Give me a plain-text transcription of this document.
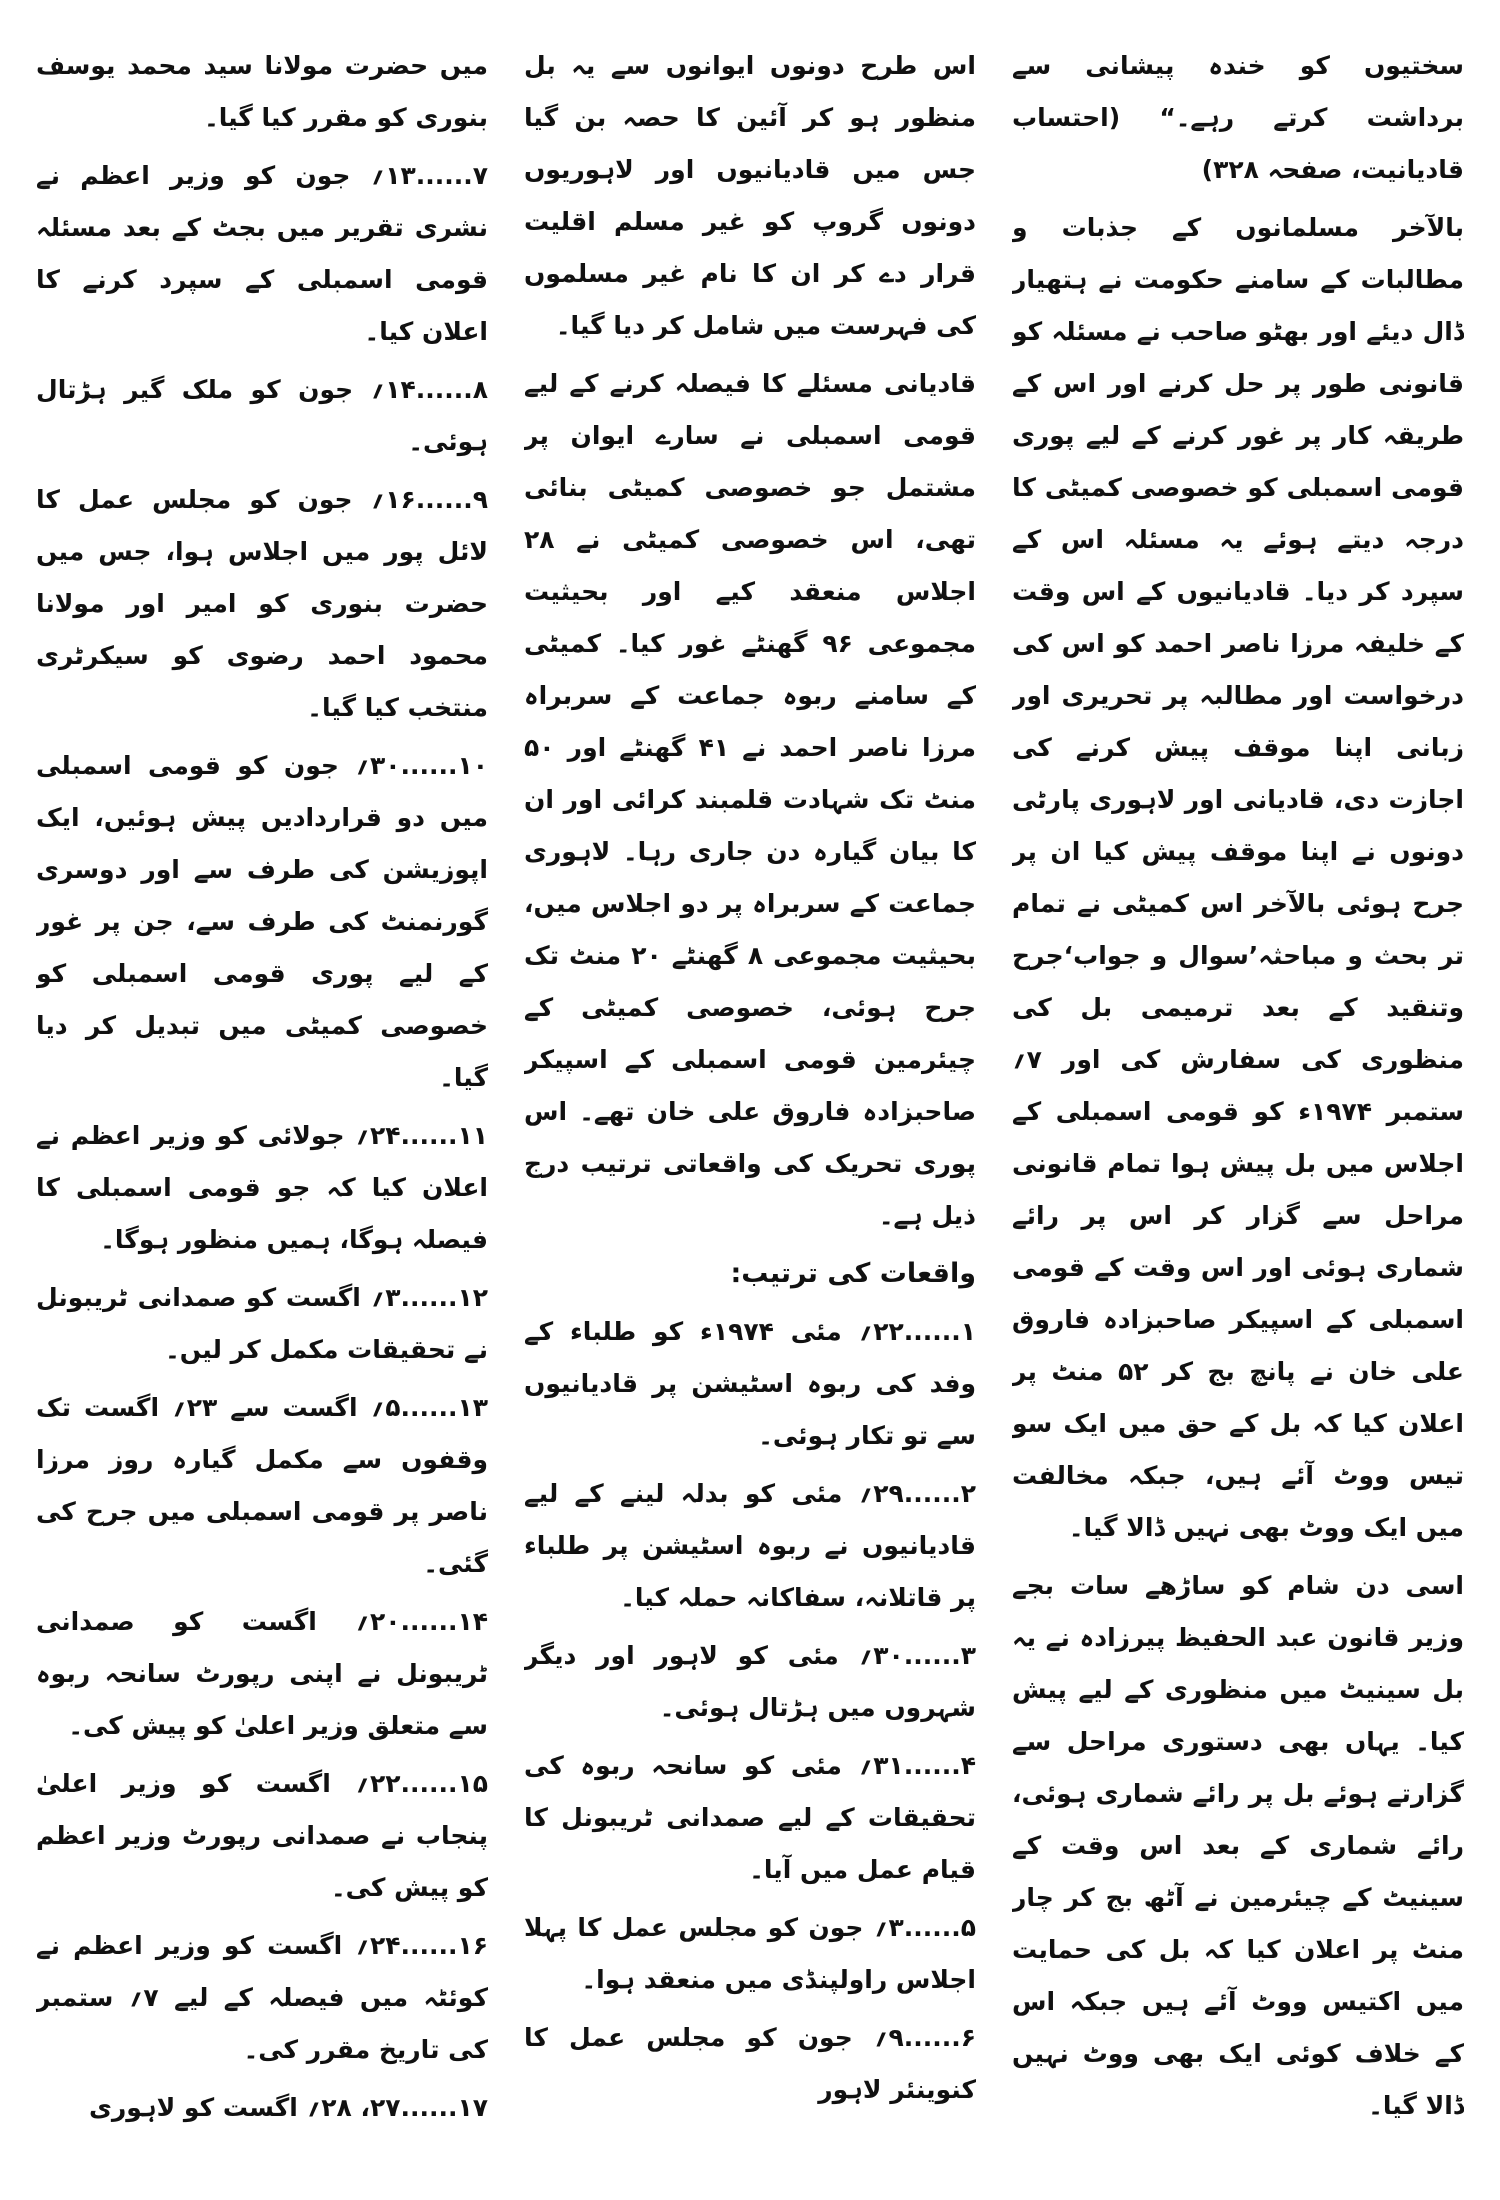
سختیوں کو خندہ پیشانی سے برداشت کرتے رہے۔“ (احتساب قادیانیت، صفحہ ۳۲۸)

بالآخر مسلمانوں کے جذبات و مطالبات کے سامنے حکومت نے ہتھیار ڈال دیئے اور بھٹو صاحب نے مسئلہ کو قانونی طور پر حل کرنے اور اس کے طریقہ کار پر غور کرنے کے لیے پوری قومی اسمبلی کو خصوصی کمیٹی کا درجہ دیتے ہوئے یہ مسئلہ اس کے سپرد کر دیا۔ قادیانیوں کے اس وقت کے خلیفہ مرزا ناصر احمد کو اس کی درخواست اور مطالبہ پر تحریری اور زبانی اپنا موقف پیش کرنے کی اجازت دی، قادیانی اور لاہوری پارٹی دونوں نے اپنا موقف پیش کیا ان پر جرح ہوئی بالآخر اس کمیٹی نے تمام تر بحث و مباحثہ’سوال و جواب‘جرح وتنقید کے بعد ترمیمی بل کی منظوری کی سفارش کی اور ۷؍ ستمبر ۱۹۷۴ء کو قومی اسمبلی کے اجلاس میں بل پیش ہوا تمام قانونی مراحل سے گزار کر اس پر رائے شماری ہوئی اور اس وقت کے قومی اسمبلی کے اسپیکر صاحبزادہ فاروق علی خان نے پانچ بج کر ۵۲ منٹ پر اعلان کیا کہ بل کے حق میں ایک سو تیس ووٹ آئے ہیں، جبکہ مخالفت میں ایک ووٹ بھی نہیں ڈالا گیا۔

اسی دن شام کو ساڑھے سات بجے وزیر قانون عبد الحفیظ پیرزادہ نے یہ بل سینیٹ میں منظوری کے لیے پیش کیا۔ یہاں بھی دستوری مراحل سے گزارتے ہوئے بل پر رائے شماری ہوئی، رائے شماری کے بعد اس وقت کے سینیٹ کے چیئرمین نے آٹھ بج کر چار منٹ پر اعلان کیا کہ بل کی حمایت میں اکتیس ووٹ آئے ہیں جبکہ اس کے خلاف کوئی ایک بھی ووٹ نہیں ڈالا گیا۔

اس طرح دونوں ایوانوں سے یہ بل منظور ہو کر آئین کا حصہ بن گیا جس میں قادیانیوں اور لاہوریوں دونوں گروپ کو غیر مسلم اقلیت قرار دے کر ان کا نام غیر مسلموں کی فہرست میں شامل کر دیا گیا۔

قادیانی مسئلے کا فیصلہ کرنے کے لیے قومی اسمبلی نے سارے ایوان پر مشتمل جو خصوصی کمیٹی بنائی تھی، اس خصوصی کمیٹی نے ۲۸ اجلاس منعقد کیے اور بحیثیت مجموعی ۹۶ گھنٹے غور کیا۔ کمیٹی کے سامنے ربوہ جماعت کے سربراہ مرزا ناصر احمد نے ۴۱ گھنٹے اور ۵۰ منٹ تک شہادت قلمبند کرائی اور ان کا بیان گیارہ دن جاری رہا۔ لاہوری جماعت کے سربراہ پر دو اجلاس میں، بحیثیت مجموعی ۸ گھنٹے ۲۰ منٹ تک جرح ہوئی، خصوصی کمیٹی کے چیئرمین قومی اسمبلی کے اسپیکر صاحبزادہ فاروق علی خان تھے۔ اس پوری تحریک کی واقعاتی ترتیب درج ذیل ہے۔

واقعات کی ترتیب:

۱......۲۲؍ مئی ۱۹۷۴ء کو طلباء کے وفد کی ربوہ اسٹیشن پر قادیانیوں سے تو تکار ہوئی۔

۲......۲۹؍ مئی کو بدلہ لینے کے لیے قادیانیوں نے ربوہ اسٹیشن پر طلباء پر قاتلانہ، سفاکانہ حملہ کیا۔

۳......۳۰؍ مئی کو لاہور اور دیگر شہروں میں ہڑتال ہوئی۔

۴......۳۱؍ مئی کو سانحہ ربوہ کی تحقیقات کے لیے صمدانی ٹریبونل کا قیام عمل میں آیا۔

۵......۳؍ جون کو مجلس عمل کا پہلا اجلاس راولپنڈی میں منعقد ہوا۔

۶......۹؍ جون کو مجلس عمل کا کنوینئر لاہور

میں حضرت مولانا سید محمد یوسف بنوری کو مقرر کیا گیا۔

۷......۱۳؍ جون کو وزیر اعظم نے نشری تقریر میں بجٹ کے بعد مسئلہ قومی اسمبلی کے سپرد کرنے کا اعلان کیا۔

۸......۱۴؍ جون کو ملک گیر ہڑتال ہوئی۔

۹......۱۶؍ جون کو مجلس عمل کا لائل پور میں اجلاس ہوا، جس میں حضرت بنوری کو امیر اور مولانا محمود احمد رضوی کو سیکرٹری منتخب کیا گیا۔

۱۰......۳۰؍ جون کو قومی اسمبلی میں دو قراردادیں پیش ہوئیں، ایک اپوزیشن کی طرف سے اور دوسری گورنمنٹ کی طرف سے، جن پر غور کے لیے پوری قومی اسمبلی کو خصوصی کمیٹی میں تبدیل کر دیا گیا۔

۱۱......۲۴؍ جولائی کو وزیر اعظم نے اعلان کیا کہ جو قومی اسمبلی کا فیصلہ ہوگا، ہمیں منظور ہوگا۔

۱۲......۳؍ اگست کو صمدانی ٹریبونل نے تحقیقات مکمل کر لیں۔

۱۳......۵؍ اگست سے ۲۳؍ اگست تک وقفوں سے مکمل گیارہ روز مرزا ناصر پر قومی اسمبلی میں جرح کی گئی۔

۱۴......۲۰؍ اگست کو صمدانی ٹریبونل نے اپنی رپورٹ سانحہ ربوہ سے متعلق وزیر اعلیٰ کو پیش کی۔

۱۵......۲۲؍ اگست کو وزیر اعلیٰ پنجاب نے صمدانی رپورٹ وزیر اعظم کو پیش کی۔

۱۶......۲۴؍ اگست کو وزیر اعظم نے کوئٹہ میں فیصلہ کے لیے ۷؍ ستمبر کی تاریخ مقرر کی۔

۱۷......۲۷، ۲۸؍ اگست کو لاہوری
